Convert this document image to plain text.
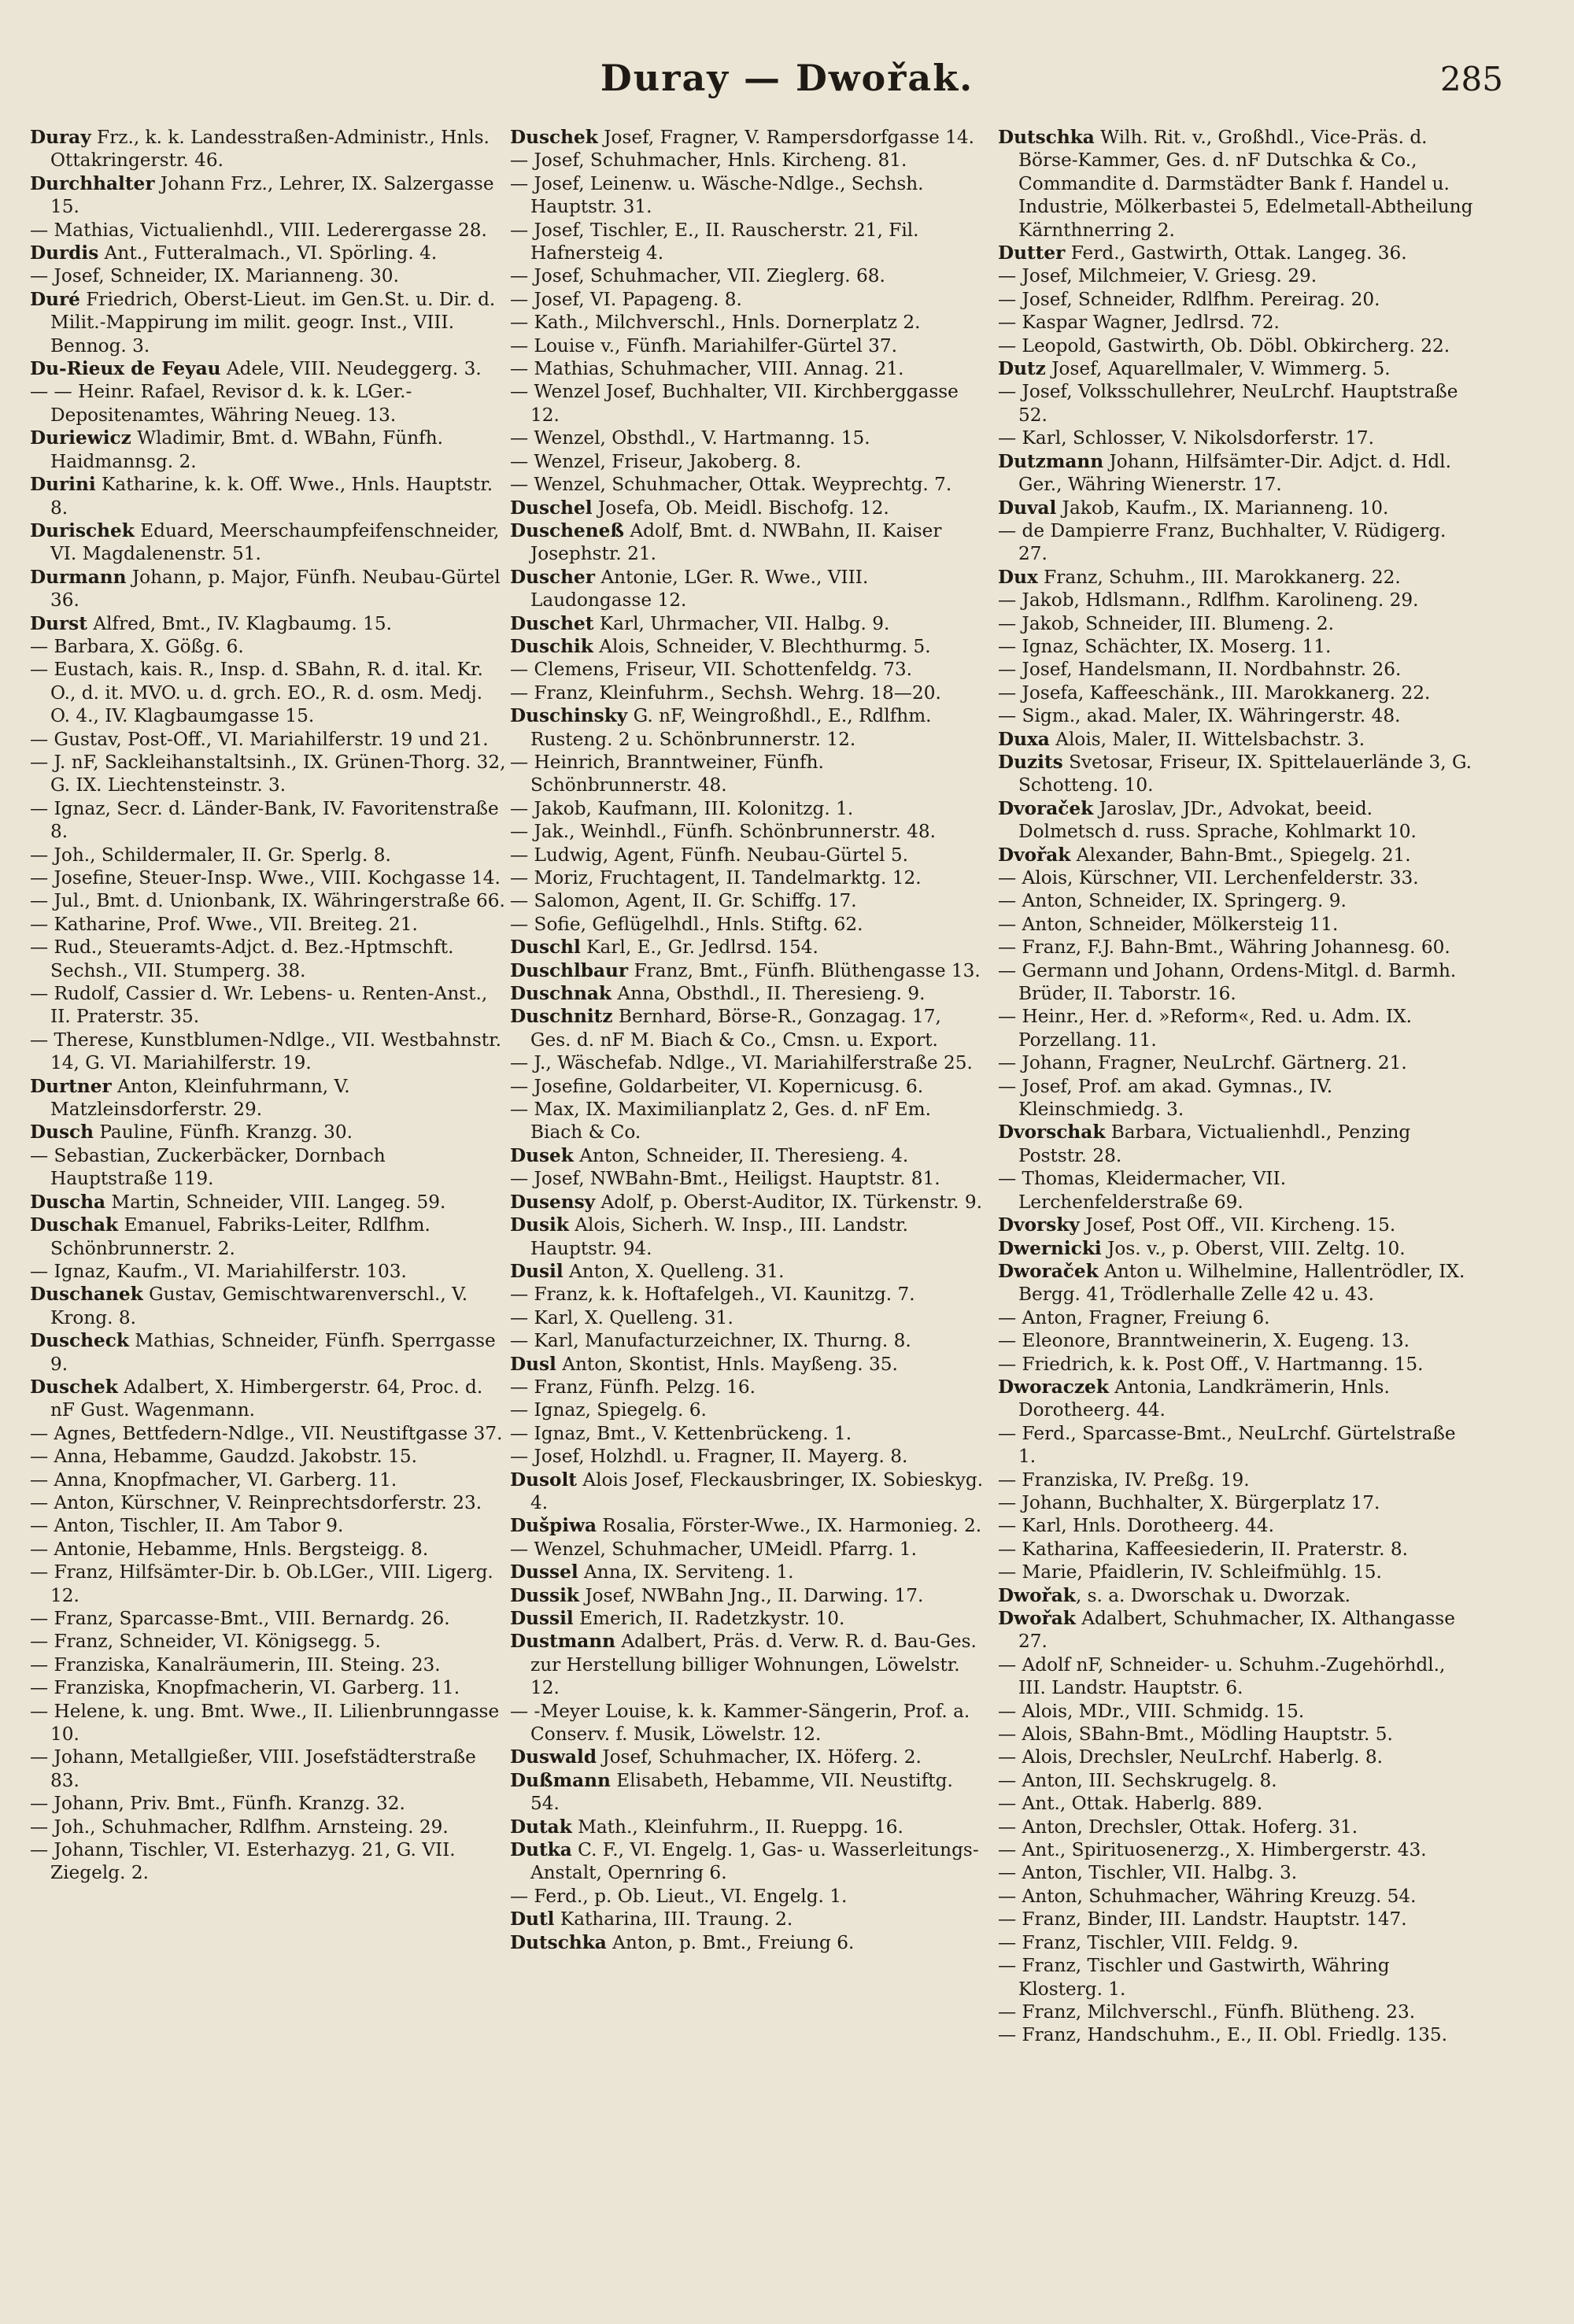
Duray — Dwořak.	285

Duray Frz., k. k. Landesstraßen-Administr., Hnls. Ottakringerstr. 46.

Durchhalter Johann Frz., Lehrer, IX. Salzergasse 15.

— Mathias, Victualienhdl., VIII. Lederergasse 28.

Durdis Ant., Futteralmach., VI. Spörling. 4.

— Josef, Schneider, IX. Marianneng. 30.

Duré Friedrich, Oberst-Lieut. im Gen.St. u. Dir. d. Milit.-Mappirung im milit. geogr. Inst., VIII. Bennog. 3.

Du-Rieux de Feyau Adele, VIII. Neudeggerg. 3.

— — Heinr. Rafael, Revisor d. k. k. LGer.-Depositenamtes, Währing Neueg. 13.

Duriewicz Wladimir, Bmt. d. WBahn, Fünfh. Haidmannsg. 2.

Durini Katharine, k. k. Off. Wwe., Hnls. Hauptstr. 8.

Durischek Eduard, Meerschaumpfeifenschneider, VI. Magdalenenstr. 51.

Durmann Johann, p. Major, Fünfh. Neubau-Gürtel 36.

Durst Alfred, Bmt., IV. Klagbaumg. 15.

— Barbara, X. Gößg. 6.

— Eustach, kais. R., Insp. d. SBahn, R. d. ital. Kr. O., d. it. MVO. u. d. grch. EO., R. d. osm. Medj. O. 4., IV. Klagbaumgasse 15.

— Gustav, Post-Off., VI. Mariahilferstr. 19 und 21.

— J. nF, Sackleihanstaltsinh., IX. Grünen-Thorg. 32, G. IX. Liechtensteinstr. 3.

— Ignaz, Secr. d. Länder-Bank, IV. Favoritenstraße 8.

— Joh., Schildermaler, II. Gr. Sperlg. 8.

— Josefine, Steuer-Insp. Wwe., VIII. Kochgasse 14.

— Jul., Bmt. d. Unionbank, IX. Währingerstraße 66.

— Katharine, Prof. Wwe., VII. Breiteg. 21.

— Rud., Steueramts-Adjct. d. Bez.-Hptmschft. Sechsh., VII. Stumperg. 38.

— Rudolf, Cassier d. Wr. Lebens- u. Renten-Anst., II. Praterstr. 35.

— Therese, Kunstblumen-Ndlge., VII. Westbahnstr. 14, G. VI. Mariahilferstr. 19.

Durtner Anton, Kleinfuhrmann, V. Matzleinsdorferstr. 29.

Dusch Pauline, Fünfh. Kranzg. 30.

— Sebastian, Zuckerbäcker, Dornbach Hauptstraße 119.

Duscha Martin, Schneider, VIII. Langeg. 59.

Duschak Emanuel, Fabriks-Leiter, Rdlfhm. Schönbrunnerstr. 2.

— Ignaz, Kaufm., VI. Mariahilferstr. 103.

Duschanek Gustav, Gemischtwarenverschl., V. Krong. 8.

Duscheck Mathias, Schneider, Fünfh. Sperrgasse 9.

Duschek Adalbert, X. Himbergerstr. 64, Proc. d. nF Gust. Wagenmann.

— Agnes, Bettfedern-Ndlge., VII. Neustiftgasse 37.

— Anna, Hebamme, Gaudzd. Jakobstr. 15.

— Anna, Knopfmacher, VI. Garberg. 11.

— Anton, Kürschner, V. Reinprechtsdorferstr. 23.

— Anton, Tischler, II. Am Tabor 9.

— Antonie, Hebamme, Hnls. Bergsteigg. 8.

— Franz, Hilfsämter-Dir. b. Ob.LGer., VIII. Ligerg. 12.

— Franz, Sparcasse-Bmt., VIII. Bernardg. 26.

— Franz, Schneider, VI. Königsegg. 5.

— Franziska, Kanalräumerin, III. Steing. 23.

— Franziska, Knopfmacherin, VI. Garberg. 11.

— Helene, k. ung. Bmt. Wwe., II. Lilienbrunngasse 10.

— Johann, Metallgießer, VIII. Josefstädterstraße 83.

— Johann, Priv. Bmt., Fünfh. Kranzg. 32.

— Joh., Schuhmacher, Rdlfhm. Arnsteing. 29.

— Johann, Tischler, VI. Esterhazyg. 21, G. VII. Ziegelg. 2.

Duschek Josef, Fragner, V. Rampersdorfgasse 14.

— Josef, Schuhmacher, Hnls. Kircheng. 81.

— Josef, Leinenw. u. Wäsche-Ndlge., Sechsh. Hauptstr. 31.

— Josef, Tischler, E., II. Rauscherstr. 21, Fil. Hafnersteig 4.

— Josef, Schuhmacher, VII. Zieglerg. 68.

— Josef, VI. Papageng. 8.

— Kath., Milchverschl., Hnls. Dornerplatz 2.

— Louise v., Fünfh. Mariahilfer-Gürtel 37.

— Mathias, Schuhmacher, VIII. Annag. 21.

— Wenzel Josef, Buchhalter, VII. Kirchberggasse 12.

— Wenzel, Obsthdl., V. Hartmanng. 15.

— Wenzel, Friseur, Jakoberg. 8.

— Wenzel, Schuhmacher, Ottak. Weyprechtg. 7.

Duschel Josefa, Ob. Meidl. Bischofg. 12.

Duscheneß Adolf, Bmt. d. NWBahn, II. Kaiser Josephstr. 21.

Duscher Antonie, LGer. R. Wwe., VIII. Laudongasse 12.

Duschet Karl, Uhrmacher, VII. Halbg. 9.

Duschik Alois, Schneider, V. Blechthurmg. 5.

— Clemens, Friseur, VII. Schottenfeldg. 73.

— Franz, Kleinfuhrm., Sechsh. Wehrg. 18—20.

Duschinsky G. nF, Weingroßhdl., E., Rdlfhm. Rusteng. 2 u. Schönbrunnerstr. 12.

— Heinrich, Branntweiner, Fünfh. Schönbrunnerstr. 48.

— Jakob, Kaufmann, III. Kolonitzg. 1.

— Jak., Weinhdl., Fünfh. Schönbrunnerstr. 48.

— Ludwig, Agent, Fünfh. Neubau-Gürtel 5.

— Moriz, Fruchtagent, II. Tandelmarktg. 12.

— Salomon, Agent, II. Gr. Schiffg. 17.

— Sofie, Geflügelhdl., Hnls. Stiftg. 62.

Duschl Karl, E., Gr. Jedlrsd. 154.

Duschlbaur Franz, Bmt., Fünfh. Blüthengasse 13.

Duschnak Anna, Obsthdl., II. Theresieng. 9.

Duschnitz Bernhard, Börse-R., Gonzagag. 17, Ges. d. nF M. Biach & Co., Cmsn. u. Export.

— J., Wäschefab. Ndlge., VI. Mariahilferstraße 25.

— Josefine, Goldarbeiter, VI. Kopernicusg. 6.

— Max, IX. Maximilianplatz 2, Ges. d. nF Em. Biach & Co.

Dusek Anton, Schneider, II. Theresieng. 4.

— Josef, NWBahn-Bmt., Heiligst. Hauptstr. 81.

Dusensy Adolf, p. Oberst-Auditor, IX. Türkenstr. 9.

Dusik Alois, Sicherh. W. Insp., III. Landstr. Hauptstr. 94.

Dusil Anton, X. Quelleng. 31.

— Franz, k. k. Hoftafelgeh., VI. Kaunitzg. 7.

— Karl, X. Quelleng. 31.

— Karl, Manufacturzeichner, IX. Thurng. 8.

Dusl Anton, Skontist, Hnls. Mayßeng. 35.

— Franz, Fünfh. Pelzg. 16.

— Ignaz, Spiegelg. 6.

— Ignaz, Bmt., V. Kettenbrückeng. 1.

— Josef, Holzhdl. u. Fragner, II. Mayerg. 8.

Dusolt Alois Josef, Fleckausbringer, IX. Sobieskyg. 4.

Dušpiwa Rosalia, Förster-Wwe., IX. Harmonieg. 2.

— Wenzel, Schuhmacher, UMeidl. Pfarrg. 1.

Dussel Anna, IX. Serviteng. 1.

Dussik Josef, NWBahn Jng., II. Darwing. 17.

Dussil Emerich, II. Radetzkystr. 10.

Dustmann Adalbert, Präs. d. Verw. R. d. Bau-Ges. zur Herstellung billiger Wohnungen, Löwelstr. 12.

— -Meyer Louise, k. k. Kammer-Sängerin, Prof. a. Conserv. f. Musik, Löwelstr. 12.

Duswald Josef, Schuhmacher, IX. Höferg. 2.

Dußmann Elisabeth, Hebamme, VII. Neustiftg. 54.

Dutak Math., Kleinfuhrm., II. Rueppg. 16.

Dutka C. F., VI. Engelg. 1, Gas- u. Wasserleitungs-Anstalt, Opernring 6.

— Ferd., p. Ob. Lieut., VI. Engelg. 1.

Dutl Katharina, III. Traung. 2.

Dutschka Anton, p. Bmt., Freiung 6.

Dutschka Wilh. Rit. v., Großhdl., Vice-Präs. d. Börse-Kammer, Ges. d. nF Dutschka & Co., Commandite d. Darmstädter Bank f. Handel u. Industrie, Mölkerbastei 5, Edelmetall-Abtheilung Kärnthnerring 2.

Dutter Ferd., Gastwirth, Ottak. Langeg. 36.

— Josef, Milchmeier, V. Griesg. 29.

— Josef, Schneider, Rdlfhm. Pereirag. 20.

— Kaspar Wagner, Jedlrsd. 72.

— Leopold, Gastwirth, Ob. Döbl. Obkircherg. 22.

Dutz Josef, Aquarellmaler, V. Wimmerg. 5.

— Josef, Volksschullehrer, NeuLrchf. Hauptstraße 52.

— Karl, Schlosser, V. Nikolsdorferstr. 17.

Dutzmann Johann, Hilfsämter-Dir. Adjct. d. Hdl. Ger., Währing Wienerstr. 17.

Duval Jakob, Kaufm., IX. Marianneng. 10.

— de Dampierre Franz, Buchhalter, V. Rüdigerg. 27.

Dux Franz, Schuhm., III. Marokkanerg. 22.

— Jakob, Hdlsmann., Rdlfhm. Karolineng. 29.

— Jakob, Schneider, III. Blumeng. 2.

— Ignaz, Schächter, IX. Moserg. 11.

— Josef, Handelsmann, II. Nordbahnstr. 26.

— Josefa, Kaffeeschänk., III. Marokkanerg. 22.

— Sigm., akad. Maler, IX. Währingerstr. 48.

Duxa Alois, Maler, II. Wittelsbachstr. 3.

Duzits Svetosar, Friseur, IX. Spittelauerlände 3, G. Schotteng. 10.

Dvoraček Jaroslav, JDr., Advokat, beeid. Dolmetsch d. russ. Sprache, Kohlmarkt 10.

Dvořak Alexander, Bahn-Bmt., Spiegelg. 21.

— Alois, Kürschner, VII. Lerchenfelderstr. 33.

— Anton, Schneider, IX. Springerg. 9.

— Anton, Schneider, Mölkersteig 11.

— Franz, F.J. Bahn-Bmt., Währing Johannesg. 60.

— Germann und Johann, Ordens-Mitgl. d. Barmh. Brüder, II. Taborstr. 16.

— Heinr., Her. d. »Reform«, Red. u. Adm. IX. Porzellang. 11.

— Johann, Fragner, NeuLrchf. Gärtnerg. 21.

— Josef, Prof. am akad. Gymnas., IV. Kleinschmiedg. 3.

Dvorschak Barbara, Victualienhdl., Penzing Poststr. 28.

— Thomas, Kleidermacher, VII. Lerchenfelderstraße 69.

Dvorsky Josef, Post Off., VII. Kircheng. 15.

Dwernicki Jos. v., p. Oberst, VIII. Zeltg. 10.

Dworaček Anton u. Wilhelmine, Hallentrödler, IX. Bergg. 41, Trödlerhalle Zelle 42 u. 43.

— Anton, Fragner, Freiung 6.

— Eleonore, Branntweinerin, X. Eugeng. 13.

— Friedrich, k. k. Post Off., V. Hartmanng. 15.

Dworaczek Antonia, Landkrämerin, Hnls. Dorotheerg. 44.

— Ferd., Sparcasse-Bmt., NeuLrchf. Gürtelstraße 1.

— Franziska, IV. Preßg. 19.

— Johann, Buchhalter, X. Bürgerplatz 17.

— Karl, Hnls. Dorotheerg. 44.

— Katharina, Kaffeesiederin, II. Praterstr. 8.

— Marie, Pfaidlerin, IV. Schleifmühlg. 15.

Dwořak, s. a. Dworschak u. Dworzak.

Dwořak Adalbert, Schuhmacher, IX. Althangasse 27.

— Adolf nF, Schneider- u. Schuhm.-Zugehörhdl., III. Landstr. Hauptstr. 6.

— Alois, MDr., VIII. Schmidg. 15.

— Alois, SBahn-Bmt., Mödling Hauptstr. 5.

— Alois, Drechsler, NeuLrchf. Haberlg. 8.

— Anton, III. Sechskrugelg. 8.

— Ant., Ottak. Haberlg. 889.

— Anton, Drechsler, Ottak. Hoferg. 31.

— Ant., Spirituosenerzg., X. Himbergerstr. 43.

— Anton, Tischler, VII. Halbg. 3.

— Anton, Schuhmacher, Währing Kreuzg. 54.

— Franz, Binder, III. Landstr. Hauptstr. 147.

— Franz, Tischler, VIII. Feldg. 9.

— Franz, Tischler und Gastwirth, Währing Klosterg. 1.

— Franz, Milchverschl., Fünfh. Blütheng. 23.

— Franz, Handschuhm., E., II. Obl. Friedlg. 135.
